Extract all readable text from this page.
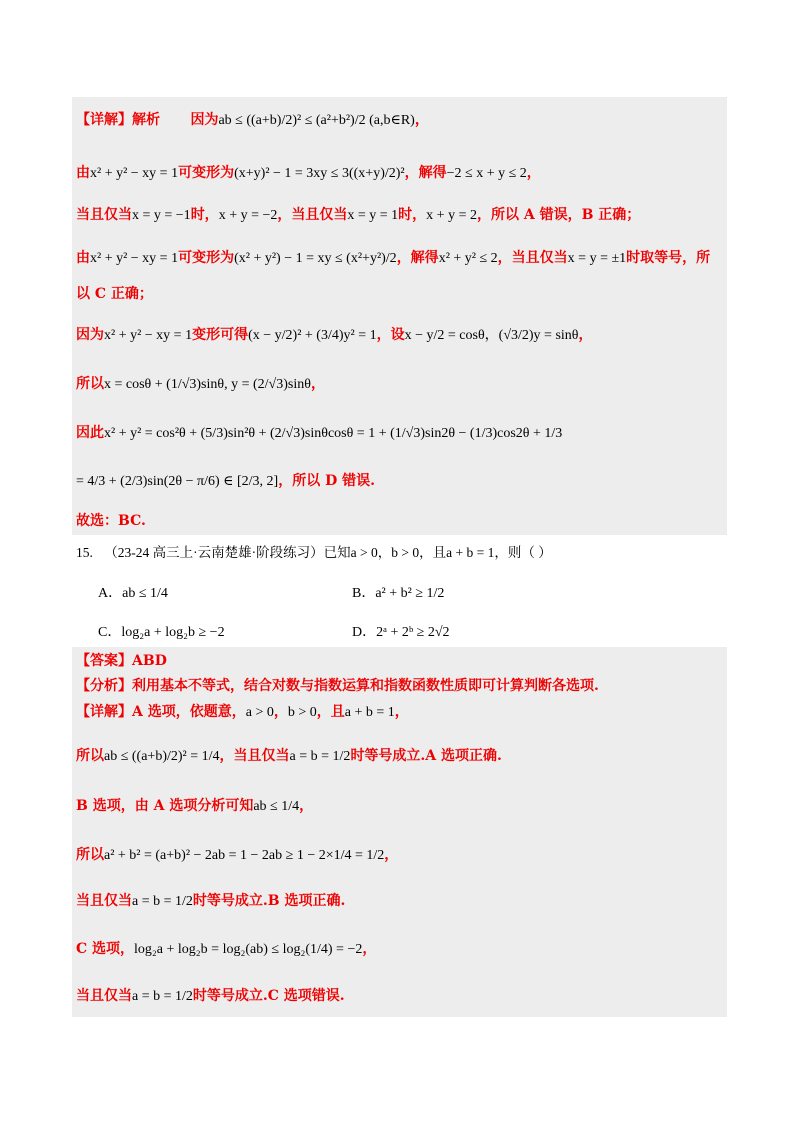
【详解】解析 因为ab ≤ ((a+b)/2)² ≤ (a²+b²)/2 (a,b∈R)，
由x² + y² − xy = 1可变形为(x+y)² − 1 = 3xy ≤ 3((x+y)/2)²，解得−2 ≤ x + y ≤ 2，
当且仅当x = y = −1时，x + y = −2，当且仅当x = y = 1时，x + y = 2，所以 A 错误，B 正确；
由x² + y² − xy = 1可变形为(x² + y²) − 1 = xy ≤ (x²+y²)/2，解得x² + y² ≤ 2，当且仅当x = y = ±1时取等号，所
以 C 正确；
因为x² + y² − xy = 1变形可得(x − y/2)² + (3/4)y² = 1，设x − y/2 = cosθ，(√3/2)y = sinθ，
所以x = cosθ + (1/√3)sinθ, y = (2/√3)sinθ，
因此x² + y² = cos²θ + (5/3)sin²θ + (2/√3)sinθcosθ = 1 + (1/√3)sin2θ − (1/3)cos2θ + 1/3
= 4/3 + (2/3)sin(2θ − π/6) ∈ [2/3, 2]，所以 D 错误.
故选：BC.
15. （23-24 高三上·云南楚雄·阶段练习）已知a > 0，b > 0，且a + b = 1，则（ ）
A．ab ≤ 1/4	B．a² + b² ≥ 1/2
C．log₂a + log₂b ≥ −2	D．2ᵃ + 2ᵇ ≥ 2√2
【答案】ABD
【分析】利用基本不等式，结合对数与指数运算和指数函数性质即可计算判断各选项.
【详解】A 选项，依题意，a > 0，b > 0，且a + b = 1，
所以ab ≤ ((a+b)/2)² = 1/4，当且仅当a = b = 1/2时等号成立.A 选项正确.
B 选项，由 A 选项分析可知ab ≤ 1/4，
所以a² + b² = (a+b)² − 2ab = 1 − 2ab ≥ 1 − 2×1/4 = 1/2，
当且仅当a = b = 1/2时等号成立.B 选项正确.
C 选项，log₂a + log₂b = log₂(ab) ≤ log₂(1/4) = −2，
当且仅当a = b = 1/2时等号成立.C 选项错误.
